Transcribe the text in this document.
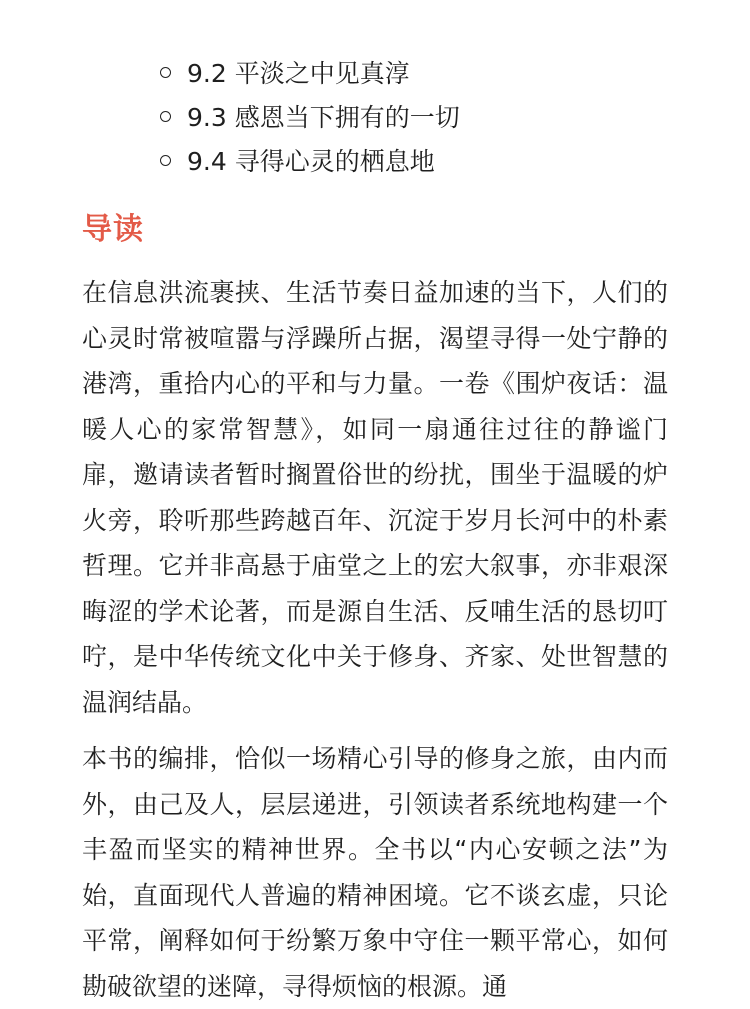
9.2 平淡之中见真淳
9.3 感恩当下拥有的一切
9.4 寻得心灵的栖息地
导读

在信息洪流裹挟、生活节奏日益加速的当下，人们的心灵时常被喧嚣与浮躁所占据，渴望寻得一处宁静的港湾，重拾内心的平和与力量。一卷《围炉夜话：温暖人心的家常智慧》，如同一扇通往过往的静谧门扉，邀请读者暂时搁置俗世的纷扰，围坐于温暖的炉火旁，聆听那些跨越百年、沉淀于岁月长河中的朴素哲理。它并非高悬于庙堂之上的宏大叙事，亦非艰深晦涩的学术论著，而是源自生活、反哺生活的恳切叮咛，是中华传统文化中关于修身、齐家、处世智慧的温润结晶。

本书的编排，恰似一场精心引导的修身之旅，由内而外，由己及人，层层递进，引领读者系统地构建一个丰盈而坚实的精神世界。全书以“内心安顿之法”为始，直面现代人普遍的精神困境。它不谈玄虚，只论平常，阐释如何于纷繁万象中守住一颗平常心，如何勘破欲望的迷障，寻得烦恼的根源。通
